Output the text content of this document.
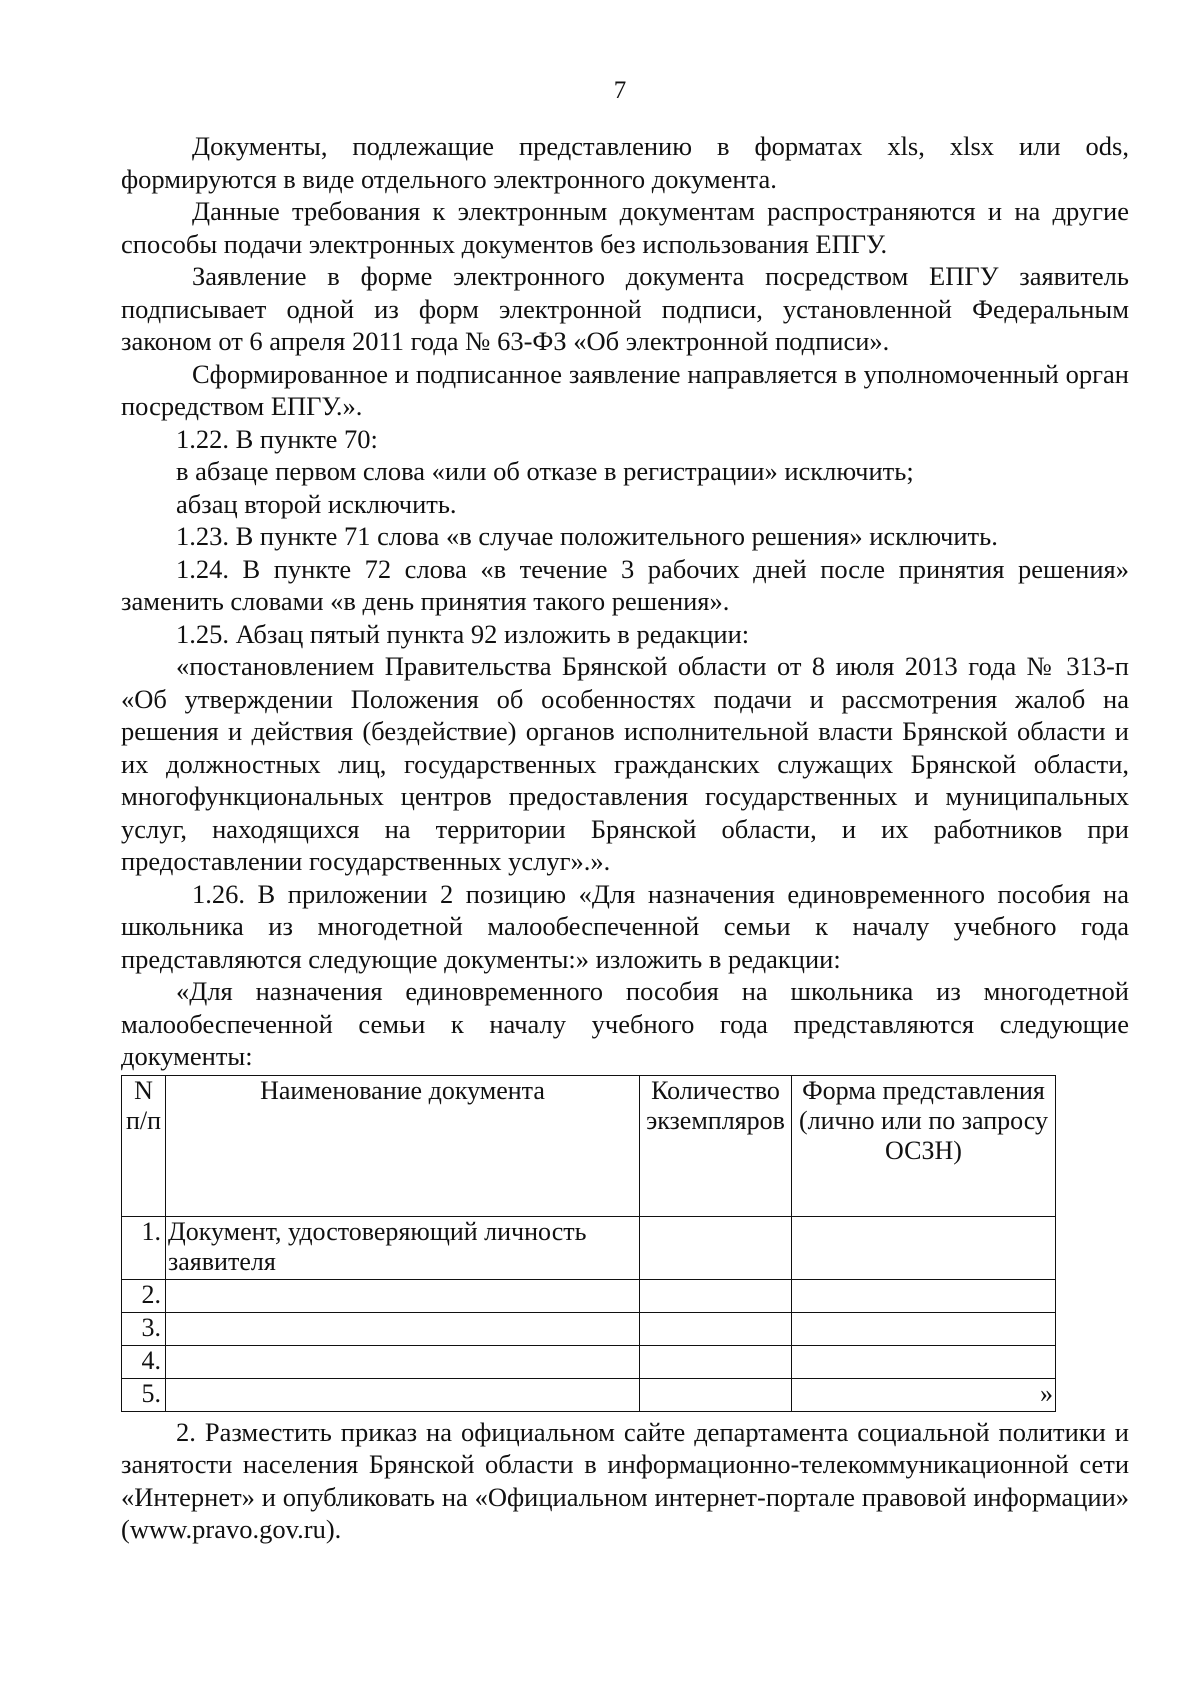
7

Документы, подлежащие представлению в форматах xls, xlsx или ods, формируются в виде отдельного электронного документа.

Данные требования к электронным документам распространяются и на другие способы подачи электронных документов без использования ЕПГУ.

Заявление в форме электронного документа посредством ЕПГУ заявитель подписывает одной из форм электронной подписи, установленной Федеральным законом от 6 апреля 2011 года № 63-ФЗ «Об электронной подписи».

Сформированное и подписанное заявление направляется в уполномоченный орган посредством ЕПГУ.».

1.22. В пункте 70:

в абзаце первом слова «или об отказе в регистрации» исключить;

абзац второй исключить.

1.23. В пункте 71 слова «в случае положительного решения» исключить.

1.24. В пункте 72 слова «в течение 3 рабочих дней после принятия решения» заменить словами «в день принятия такого решения».

1.25. Абзац пятый пункта 92 изложить в редакции:

«постановлением Правительства Брянской области от 8 июля 2013 года № 313-п «Об утверждении Положения об особенностях подачи и рассмотрения жалоб на решения и действия (бездействие) органов исполнительной власти Брянской области и их должностных лиц, государственных гражданских служащих Брянской области, многофункциональных центров предоставления государственных и муниципальных услуг, находящихся на территории Брянской области, и их работников при предоставлении государственных услуг».».

1.26. В приложении 2 позицию «Для назначения единовременного пособия на школьника из многодетной малообеспеченной семьи к началу учебного года представляются следующие документы:» изложить в редакции:

«Для назначения единовременного пособия на школьника из многодетной малообеспеченной семьи к началу учебного года представляются следующие документы:

N п/п	Наименование документа	Количество экземпляров	Форма представления (лично или по запросу ОСЗН)
1.	Документ, удостоверяющий личность заявителя		
2.			
3.			
4.			
5.			»

2. Разместить приказ на официальном сайте департамента социальной политики и занятости населения Брянской области в информационно-телекоммуникационной сети «Интернет» и опубликовать на «Официальном интернет-портале правовой информации» (www.pravo.gov.ru).
